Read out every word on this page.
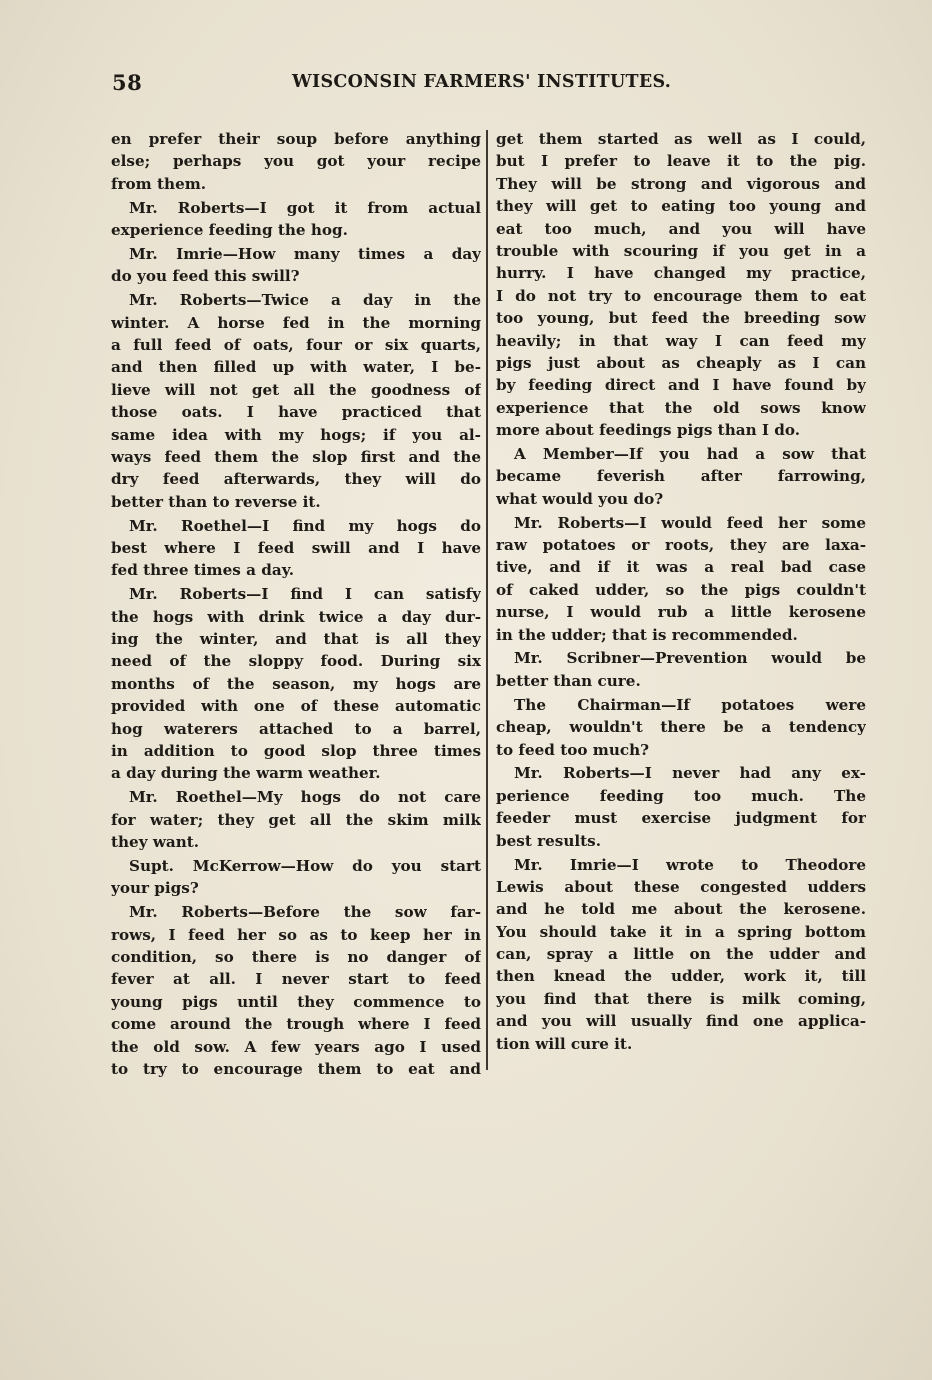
58	WISCONSIN FARMERS' INSTITUTES.
en prefer their soup before anything
else; perhaps you got your recipe
from them.
Mr. Roberts—I got it from actual
experience feeding the hog.
Mr. Imrie—How many times a day
do you feed this swill?
Mr. Roberts—Twice a day in the
winter. A horse fed in the morning
a full feed of oats, four or six quarts,
and then filled up with water, I be-
lieve will not get all the goodness of
those oats. I have practiced that
same idea with my hogs; if you al-
ways feed them the slop first and the
dry feed afterwards, they will do
better than to reverse it.
Mr. Roethel—I find my hogs do
best where I feed swill and I have
fed three times a day.
Mr. Roberts—I find I can satisfy
the hogs with drink twice a day dur-
ing the winter, and that is all they
need of the sloppy food. During six
months of the season, my hogs are
provided with one of these automatic
hog waterers attached to a barrel,
in addition to good slop three times
a day during the warm weather.
Mr. Roethel—My hogs do not care
for water; they get all the skim milk
they want.
Supt. McKerrow—How do you start
your pigs?
Mr. Roberts—Before the sow far-
rows, I feed her so as to keep her in
condition, so there is no danger of
fever at all. I never start to feed
young pigs until they commence to
come around the trough where I feed
the old sow. A few years ago I used
to try to encourage them to eat and
get them started as well as I could,
but I prefer to leave it to the pig.
They will be strong and vigorous and
they will get to eating too young and
eat too much, and you will have
trouble with scouring if you get in a
hurry. I have changed my practice,
I do not try to encourage them to eat
too young, but feed the breeding sow
heavily; in that way I can feed my
pigs just about as cheaply as I can
by feeding direct and I have found by
experience that the old sows know
more about feedings pigs than I do.
A Member—If you had a sow that
became feverish after farrowing,
what would you do?
Mr. Roberts—I would feed her some
raw potatoes or roots, they are laxa-
tive, and if it was a real bad case
of caked udder, so the pigs couldn't
nurse, I would rub a little kerosene
in the udder; that is recommended.
Mr. Scribner—Prevention would be
better than cure.
The Chairman—If potatoes were
cheap, wouldn't there be a tendency
to feed too much?
Mr. Roberts—I never had any ex-
perience feeding too much. The
feeder must exercise judgment for
best results.
Mr. Imrie—I wrote to Theodore
Lewis about these congested udders
and he told me about the kerosene.
You should take it in a spring bottom
can, spray a little on the udder and
then knead the udder, work it, till
you find that there is milk coming,
and you will usually find one applica-
tion will cure it.
